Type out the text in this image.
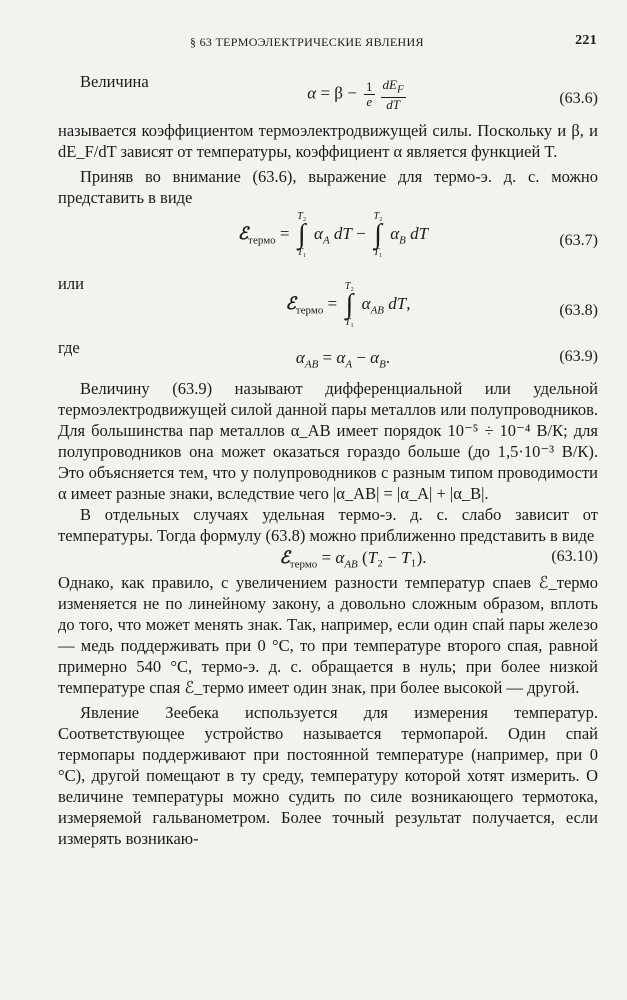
§ 63 ТЕРМОЭЛЕКТРИЧЕСКИЕ ЯВЛЕНИЯ	221
Величина
$\alpha = \beta - \frac{1}{e} \frac{dE_F}{dT}$	(63.6)

называется коэффициентом термоэлектродвижущей силы. Поскольку и β, и dE_F/dT зависят от температуры, коэффициент α является функцией T.

Приняв во внимание (63.6), выражение для термо-э. д. с. можно представить в виде

ℰ$_{термо}$ =
T₂
∫
T₁
$\alpha_A$ dT −
T₂
∫
T₁
$\alpha_B$ dT	(63.7)
или
ℰ$_{термо}$ =
T₂
∫
T₁
$\alpha_{AB}$ dT,	(63.8)
где
$\alpha_{AB} = \alpha_A - \alpha_B$.	(63.9)

Величину (63.9) называют дифференциальной или удельной термоэлектродвижущей силой данной пары металлов или полупроводников. Для большинства пар металлов α_AB имеет порядок 10⁻⁵ ÷ 10⁻⁴ В/К; для полупроводников она может оказаться гораздо больше (до 1,5·10⁻³ В/К). Это объясняется тем, что у полупроводников с разным типом проводимости α имеет разные знаки, вследствие чего |α_AB| = |α_A| + |α_B|.

В отдельных случаях удельная термо-э. д. с. слабо зависит от температуры. Тогда формулу (63.8) можно приближенно представить в виде

ℰ$_{термо}$ = $\alpha_{AB}$ (T₂ − T₁).	(63.10)

Однако, как правило, с увеличением разности температур спаев ℰ_термо изменяется не по линейному закону, а довольно сложным образом, вплоть до того, что может менять знак. Так, например, если один спай пары железо — медь поддерживать при 0 °С, то при температуре второго спая, равной примерно 540 °С, термо-э. д. с. обращается в нуль; при более низкой температуре спая ℰ_термо имеет один знак, при более высокой — другой.

Явление Зеебека используется для измерения температур. Соответствующее устройство называется термопарой. Один спай термопары поддерживают при постоянной температуре (например, при 0 °С), другой помещают в ту среду, температуру которой хотят измерить. О величине температуры можно судить по силе возникающего термотока, измеряемой гальванометром. Более точный результат получается, если измерять возникаю-
